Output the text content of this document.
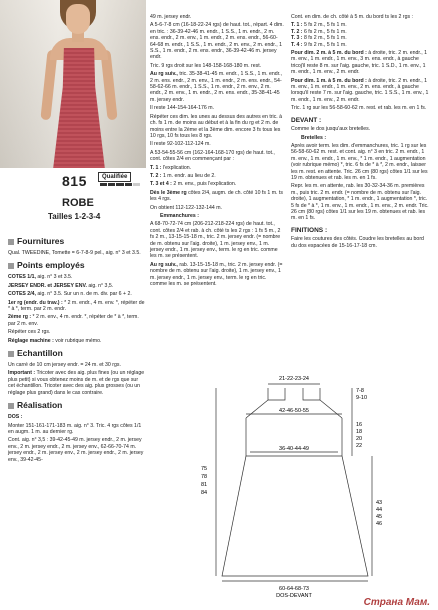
815	Qualifiée
ROBE
Tailles 1-2-3-4
Fournitures

Qual. TWEEDINE, Tomette = 6-7-8-9 pel., aig. n° 3 et 3.5.

Points employés

COTES 1/1, aig. n° 3 et 3.5.

JERSEY ENDR. et JERSEY ENV. aig. n° 3,5.

COTES 2/4, aig. n° 3.5. Sur un n. de m. div. par 6 + 2.

1er rg (endr. du trav.) : * 2 m. endr., 4 m. env. *, répéter de * à *, term. par 2 m. endr.

2ème rg : * 2 m. env., 4 m. endr. *, répéter de * à *, term. par 2 m. env.

Répéter ces 2 rgs.

Réglage machine : voir rubrique mémo.

Echantillon

Un carré de 10 cm jersey endr. = 24 m. et 30 rgs.

Important : Tricoter avec des aig. plus fines (ou un réglage plus petit) si vous obtenez moins de m. et de rgs que sur cet échantillon. Tricoter avec des aig. plus grosses (ou un réglage plus grand) dans le cas contraire.

Réalisation

DOS :

Monter 151-161-171-183 m. aig. n° 3. Tric. 4 rgs côtes 1/1 en augm. 1 m. au dernier rg.

Cont. aig. n° 3,5 : 39-42-45-49 m. jersey endr., 2 m. jersey env., 2 m. jersey endr., 2 m. jersey env., 62-66-70-74 m. jersey endr., 2 m. jersey env., 2 m. jersey endr., 2 m. jersey env., 39-42-45-

49 m. jersey endr.

A 5-6-7-8 cm (16-18-22-24 rgs) de haut. tot., répart. 4 dim. en tric. : 36-39-42-46 m. endr., 1 S.S., 1 m. endr., 2 m. ens. endr., 2 m. env., 1 m. endr., 2 m. ens. endr., 56-60-64-68 m. endr., 1 S.S., 1 m. endr., 2 m. env., 2 m. endr., 1 S.S., 1 m. endr., 2 m. ens. endr., 36-39-42-46 m. jersey endr.

Tric. 9 rgs droit sur les 148-158-168-180 m. rest.

Au rg suiv., tric. 35-38-41-45 m. endr., 1 S.S., 1 m. endr., 2 m. ens. endr., 2 m. env., 1 m. endr., 2 m. ens. endr., 54-58-62-66 m. endr., 1 S.S., 1 m. endr., 2 m. env., 2 m. endr., 2 m. env., 1 m. endr., 2 m. ens. endr., 35-38-41-45 m. jersey endr.

Il reste 144-154-164-176 m.

Répéter ces dim. les unes au dessus des autres en tric. à ch. fs 1 m. de moins au début et à la fin du rg et 2 m. de moins entre la 2ème et la 3ème dim. encore 3 fs tous les 10 rgs, 10 fs tous les 8 rgs.

Il reste 92-102-112-124 m.

A 53-54-55-56 cm (162-164-168-170 rgs) de haut. tot., cont. côtes 2/4 en commençant par :

T. 1 : l'explication.

T. 2 : 1 m. endr. au lieu de 2.

T. 3 et 4 : 2 m. env., puis l'explication.

Dès le 3ème rg côtes 2/4, augm. de ch. côté 10 fs 1 m. ts les 4 rgs.

On obtient 112-122-132-144 m.

Emmanchures :

A 68-70-72-74 cm (206-212-218-224 rgs) de haut. tot., cont. côtes 2/4 et rab. à ch. côté ts les 2 rgs : 1 fs 5 m., 2 fs 2 m., 13-15-15-18 m., tric. 2 m. jersey endr. (= nombre de m. obtenu sur l'aig. droite), 1 m. jersey env., 1 m. jersey endr., 1 m. jersey env., term. le rg en tric. comme les m. se présentent.

Au rg suiv., rab. 13-15-15-18 m., tric. 2 m. jersey endr. (= nombre de m. obtenu sur l'aig. droite), 1 m. jersey env., 1 m. jersey endr., 1 m. jersey env., term. le rg en tric. comme les m. se présentent.

Cont. en dim. de ch. côté à 5 m. du bord ts les 2 rgs :

T. 1 : 5 fs 2 m., 5 fs 1 m.

T. 2 : 6 fs 2 m., 5 fs 1 m.

T. 3 : 8 fs 2 m., 5 fs 1 m.

T. 4 : 9 fs 2 m., 5 fs 1 m.

Pour dim. 2 m. à 5 m. du bord : à droite, tric. 2 m. endr., 1 m. env., 1 m. endr., 1 m. env., 3 m. ens. endr., à gauche tricoj'il reste 8 m. sur l'aig. gauche, tric. 1 S.D., 1 m. env., 1 m. endr., 1 m. env., 2 m. endr.

Pour dim. 1 m. à 5 m. du bord : à droite, tric. 2 m. endr., 1 m. env., 1 m. endr., 1 m. env., 2 m. ens. endr., à gauche lorsqu'il reste 7 m. sur l'aig. gauche, tric. 1 S.S., 1 m. env., 1 m. endr., 1 m. env., 2 m. endr.

Tric. 1 rg sur les 56-58-60-62 m. rest. et rab. les m. en 1 fs.

DEVANT :

Comme le dos jusqu'aux bretelles.

Bretelles :

Après avoir term. les dim. d'emmanchures, tric. 1 rg sur les 56-58-60-62 m. rest. et cont. aig. n° 3 en tric. 2 m. endr., 1 m. env., 1 m. endr., 1 m. env., * 1 m. endr., 1 augmentation (voir rubrique mémo) *, tric. 6 fs de * à *, 2 m. endr., laisser les m. rest. en attente. Tric. 26 cm (80 rgs) côtes 1/1 sur les 19 m. obtenues et rab. les m. en 1 fs.

Repr. les m. en attente, rab. les 30-32-34-36 m. premières m., puis tric. 2 m. endr. (= nombre de m. obtenu sur l'aig. droite), 1 augmentation, * 1 m. endr., 1 augmentation *, tric. 5 fs de * à *, 1 m. env., 1 m. endr., 1 m. env., 2 m. endr. Tric. 26 cm (80 rgs) côtes 1/1 sur les 19 m. obtenues et rab. les m. en 1 fs.

FINITIONS :

Faire les coutures des côtés. Coudre les bretelles au bord du dos espacées de 15-16-17-18 cm.

21-22-23-24
42-46-50-55
36-40-44-49
60-64-68-73
DOS-DEVANT
75
78
81
84
7-8
9-10
16
18
20
22
43
44
45
46
Страна Мам.
